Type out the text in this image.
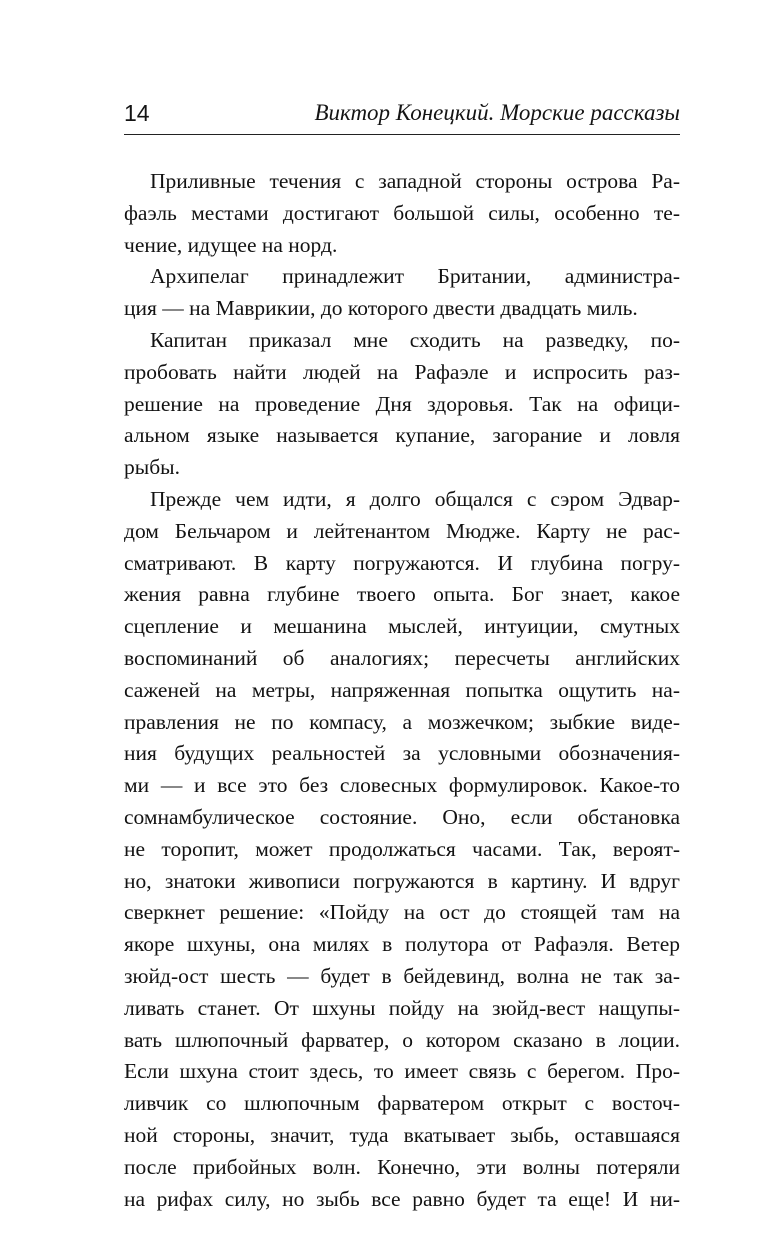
14	Виктор Конецкий. Морские рассказы
Приливные течения с западной стороны острова Ра-
фаэль местами достигают большой силы, особенно те-
чение, идущее на норд.
Архипелаг принадлежит Британии, администра-
ция — на Маврикии, до которого двести двадцать миль.
Капитан приказал мне сходить на разведку, по-
пробовать найти людей на Рафаэле и испросить раз-
решение на проведение Дня здоровья. Так на офици-
альном языке называется купание, загорание и ловля
рыбы.
Прежде чем идти, я долго общался с сэром Эдвар-
дом Бельчаром и лейтенантом Мюдже. Карту не рас-
сматривают. В карту погружаются. И глубина погру-
жения равна глубине твоего опыта. Бог знает, какое
сцепление и мешанина мыслей, интуиции, смутных
воспоминаний об аналогиях; пересчеты английских
саженей на метры, напряженная попытка ощутить на-
правления не по компасу, а мозжечком; зыбкие виде-
ния будущих реальностей за условными обозначения-
ми — и все это без словесных формулировок. Какое-то
сомнамбулическое состояние. Оно, если обстановка
не торопит, может продолжаться часами. Так, вероят-
но, знатоки живописи погружаются в картину. И вдруг
сверкнет решение: «Пойду на ост до стоящей там на
якоре шхуны, она милях в полутора от Рафаэля. Ветер
зюйд-ост шесть — будет в бейдевинд, волна не так за-
ливать станет. От шхуны пойду на зюйд-вест нащупы-
вать шлюпочный фарватер, о котором сказано в лоции.
Если шхуна стоит здесь, то имеет связь с берегом. Про-
ливчик со шлюпочным фарватером открыт с восточ-
ной стороны, значит, туда вкатывает зыбь, оставшаяся
после прибойных волн. Конечно, эти волны потеряли
на рифах силу, но зыбь все равно будет та еще! И ни-
